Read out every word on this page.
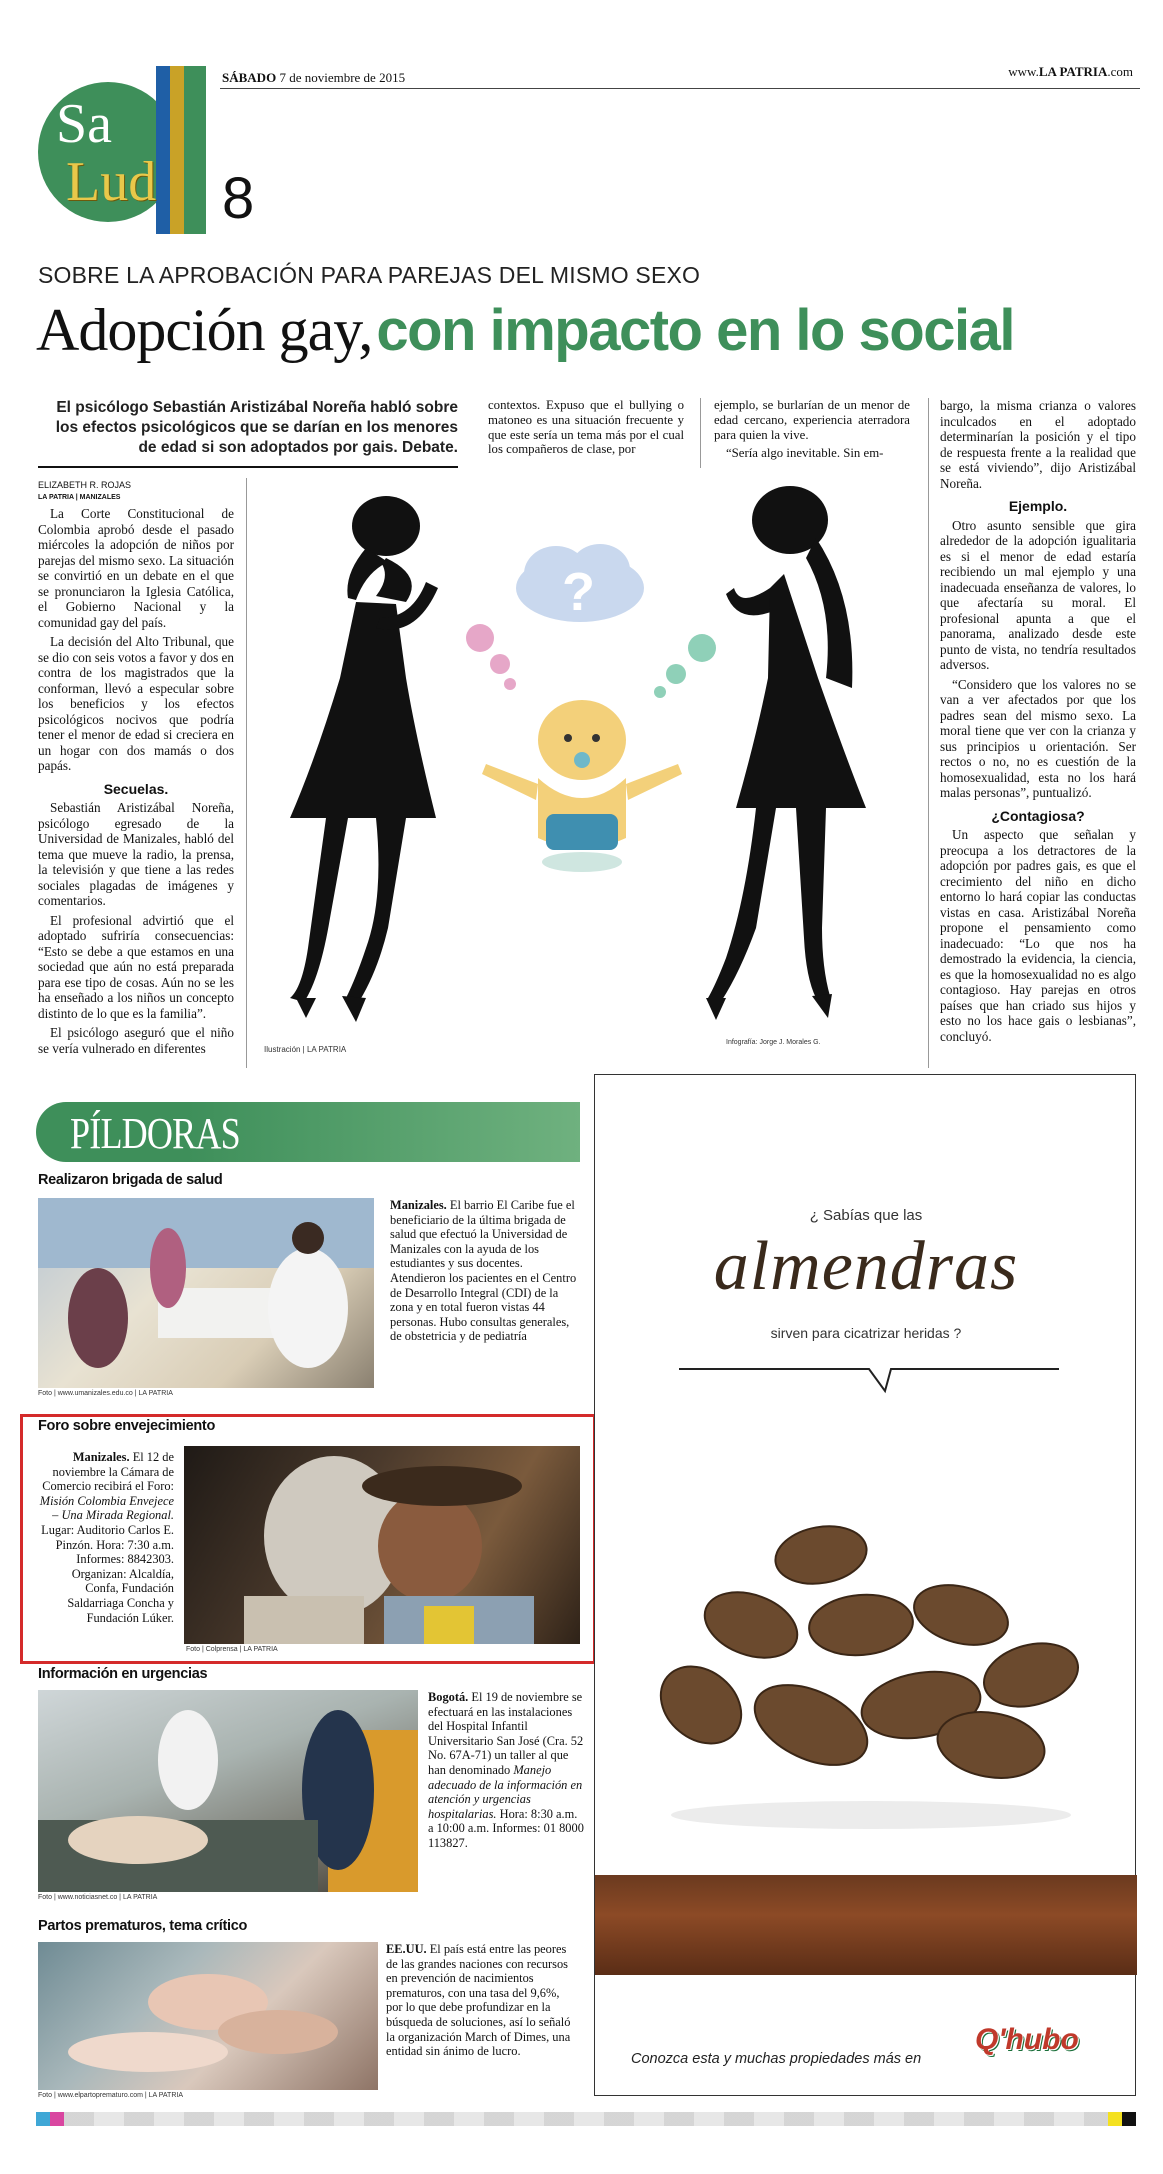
Sa
Lud 8
SÁBADO 7 de noviembre de 2015	www.LA PATRIA.com
SOBRE LA APROBACIÓN PARA PAREJAS DEL MISMO SEXO
Adopción gay, con impacto en lo social
El psicólogo Sebastián Aristizábal Noreña habló sobre los efectos psicológicos que se darían en los menores de edad si son adoptados por gais. Debate.
ELIZABETH R. ROJAS
LA PATRIA | MANIZALES

La Corte Constitucional de Colombia aprobó desde el pasado miércoles la adopción de niños por parejas del mismo sexo. La situación se convirtió en un debate en el que se pronunciaron la Iglesia Católica, el Gobierno Nacional y la comunidad gay del país.

La decisión del Alto Tribunal, que se dio con seis votos a favor y dos en contra de los magistrados que la conforman, llevó a especular sobre los beneficios y los efectos psicológicos nocivos que podría tener el menor de edad si creciera en un hogar con dos mamás o dos papás.

Secuelas.

Sebastián Aristizábal Noreña, psicólogo egresado de la Universidad de Manizales, habló del tema que mueve la radio, la prensa, la televisión y que tiene a las redes sociales plagadas de imágenes y comentarios.

El profesional advirtió que el adoptado sufriría consecuencias: “Esto se debe a que estamos en una sociedad que aún no está preparada para ese tipo de cosas. Aún no se les ha enseñado a los niños un concepto distinto de lo que es la familia”.

El psicólogo aseguró que el niño se vería vulnerado en diferentes

contextos. Expuso que el bullying o matoneo es una situación frecuente y que este sería un tema más por el cual los compañeros de clase, por

ejemplo, se burlarían de un menor de edad cercano, experiencia aterradora para quien la vive.

“Sería algo inevitable. Sin em-

bargo, la misma crianza o valores inculcados en el adoptado determinarían la posición y el tipo de respuesta frente a la realidad que se está viviendo”, dijo Aristizábal Noreña.

Ejemplo.

Otro asunto sensible que gira alrededor de la adopción igualitaria es si el menor de edad estaría recibiendo un mal ejemplo y una inadecuada enseñanza de valores, lo que afectaría su moral. El profesional apunta a que el panorama, analizado desde este punto de vista, no tendría resultados adversos.

“Considero que los valores no se van a ver afectados por que los padres sean del mismo sexo. La moral tiene que ver con la crianza y sus principios u orientación. Ser rectos o no, no es cuestión de la homosexualidad, esta no los hará malas personas”, puntualizó.

¿Contagiosa?

Un aspecto que señalan y preocupa a los detractores de la adopción por padres gais, es que el crecimiento del niño en dicho entorno lo hará copiar las conductas vistas en casa. Aristizábal Noreña propone el pensamiento como inadecuado: “Lo que nos ha demostrado la evidencia, la ciencia, es que la homosexualidad no es algo contagioso. Hay parejas en otros países que han criado sus hijos y esto no los hace gais o lesbianas”, concluyó.

?
Ilustración | LA PATRIA
Infografía: Jorge J. Morales G.
PÍLDORAS
Realizaron brigada de salud
Foto | www.umanizales.edu.co | LA PATRIA
Manizales. El barrio El Caribe fue el beneficiario de la última brigada de salud que efectuó la Universidad de Manizales con la ayuda de los estudiantes y sus docentes. Atendieron los pacientes en el Centro de Desarrollo Integral (CDI) de la zona y en total fueron vistas 44 personas. Hubo consultas generales, de obstetricia y de pediatría
Foro sobre envejecimiento
Manizales. El 12 de noviembre la Cámara de Comercio recibirá el Foro: Misión Colombia Envejece – Una Mirada Regional. Lugar: Auditorio Carlos E. Pinzón. Hora: 7:30 a.m. Informes: 8842303. Organizan: Alcaldía, Confa, Fundación Saldarriaga Concha y Fundación Lúker.
Foto | Colprensa | LA PATRIA
Información en urgencias
Foto | www.noticiasnet.co | LA PATRIA
Bogotá. El 19 de noviembre se efectuará en las instalaciones del Hospital Infantil Universitario San José (Cra. 52 No. 67A-71) un taller al que han denominado Manejo adecuado de la información en atención y urgencias hospitalarias. Hora: 8:30 a.m. a 10:00 a.m. Informes: 01 8000 113827.
Partos prematuros, tema crítico
Foto | www.elpartoprematuro.com | LA PATRIA
EE.UU. El país está entre las peores de las grandes naciones con recursos en prevención de nacimientos prematuros, con una tasa del 9,6%, por lo que debe profundizar en la búsqueda de soluciones, así lo señaló la organización March of Dimes, una entidad sin ánimo de lucro.
¿ Sabías que las
almendras
sirven para cicatrizar heridas ?
Conozca esta y muchas propiedades más en
Q'hubo
